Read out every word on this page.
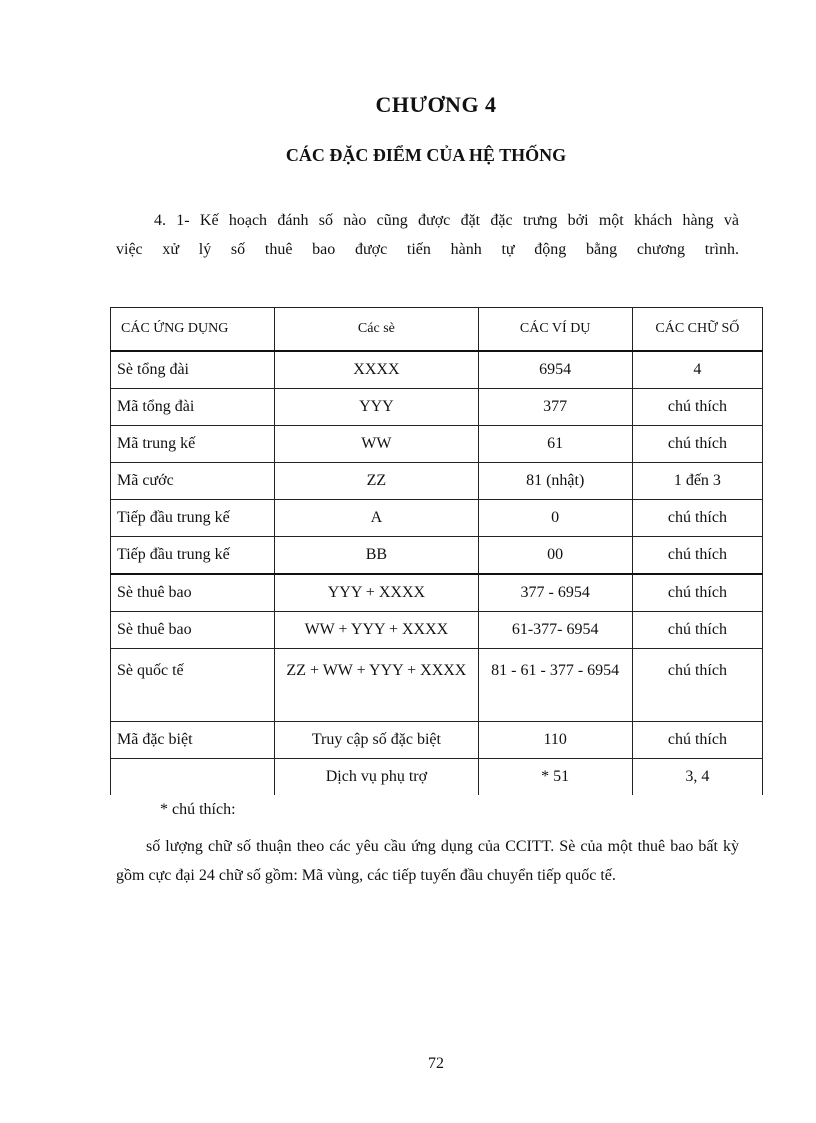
CHƯƠNG 4
CÁC ĐẶC ĐIỂM CỦA HỆ THỐNG

4. 1- Kế hoạch đánh số nào cũng được đặt đặc trưng bởi một khách hàng và

việc xử lý số thuê bao được tiến hành tự động bằng chương trình.

CÁC ỨNG DỤNG	Các sè	CÁC VÍ DỤ	CÁC CHỮ SỐ
Sè tổng đài	XXXX	6954	4
Mã tổng đài	YYY	377	chú thích
Mã trung kế	WW	61	chú thích
Mã cước	ZZ	81 (nhật)	1 đến 3
Tiếp đầu trung kế	A	0	chú thích
Tiếp đầu trung kế	BB	00	chú thích
Sè thuê bao	YYY + XXXX	377 - 6954	chú thích
Sè thuê bao	WW + YYY + XXXX	61-377- 6954	chú thích
Sè quốc tế	ZZ + WW + YYY + XXXX	81 - 61 - 377 - 6954	chú thích
Mã đặc biệt	Truy cập số đặc biệt	110	chú thích
	Dịch vụ phụ trợ	* 51	3, 4
* chú thích:

số lượng chữ số thuận theo các yêu cầu ứng dụng của CCITT. Sè của một thuê bao bất kỳ gồm cực đại 24 chữ số gồm: Mã vùng, các tiếp tuyến đầu chuyển tiếp quốc tế.

72
